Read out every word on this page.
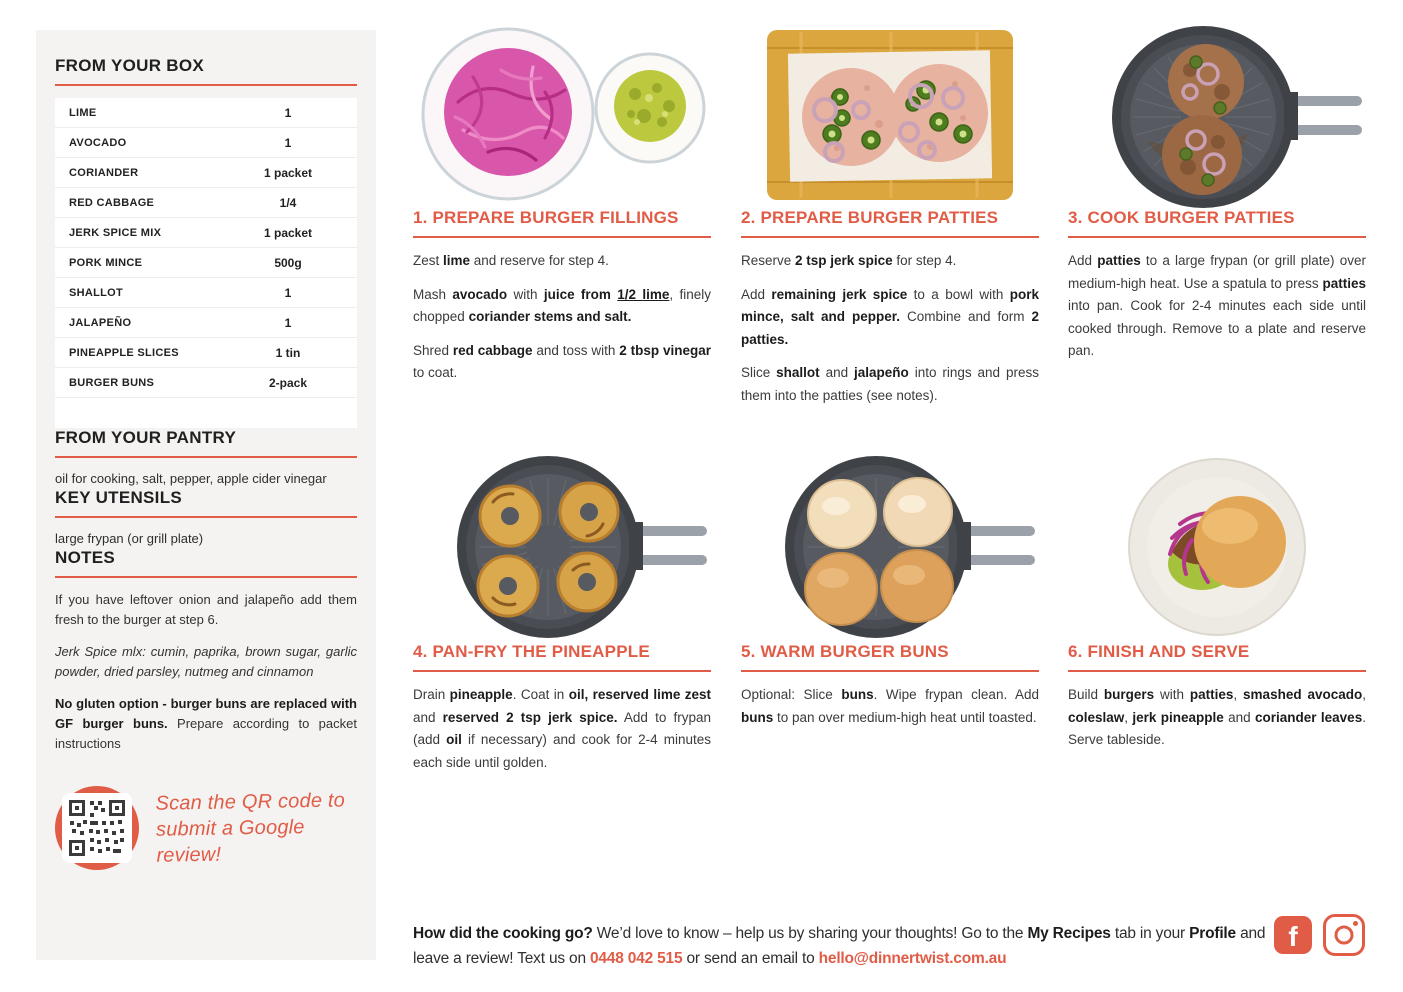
FROM YOUR BOX
LIME	1
AVOCADO	1
CORIANDER	1 packet
RED CABBAGE	1/4
JERK SPICE MIX	1 packet
PORK MINCE	500g
SHALLOT	1
JALAPEÑO	1
PINEAPPLE SLICES	1 tin
BURGER BUNS	2-pack
FROM YOUR PANTRY

oil for cooking, salt, pepper, apple cider vinegar

KEY UTENSILS

large frypan (or grill plate)

NOTES

If you have leftover onion and jalapeño add them fresh to the burger at step 6.

Jerk Spice mlx: cumin, paprika, brown sugar, garlic powder, dried parsley, nutmeg and cinnamon

No gluten option - burger buns are replaced with GF burger buns. Prepare according to packet instructions

Scan the QR code to
submit a Google review!
1. PREPARE BURGER FILLINGS

Zest lime and reserve for step 4.

Mash avocado with juice from 1/2 lime, finely chopped coriander stems and salt.

Shred red cabbage and toss with 2 tbsp vinegar to coat.

2. PREPARE BURGER PATTIES

Reserve 2 tsp jerk spice for step 4.

Add remaining jerk spice to a bowl with pork mince, salt and pepper. Combine and form 2 patties.

Slice shallot and jalapeño into rings and press them into the patties (see notes).

3. COOK BURGER PATTIES

Add patties to a large frypan (or grill plate) over medium-high heat. Use a spatula to press patties into pan. Cook for 2-4 minutes each side until cooked through. Remove to a plate and reserve pan.

4. PAN-FRY THE PINEAPPLE

Drain pineapple. Coat in oil, reserved lime zest and reserved 2 tsp jerk spice. Add to frypan (add oil if necessary) and cook for 2-4 minutes each side until golden.

5. WARM BURGER BUNS

Optional: Slice buns. Wipe frypan clean. Add buns to pan over medium-high heat until toasted.

6. FINISH AND SERVE

Build burgers with patties, smashed avocado, coleslaw, jerk pineapple and coriander leaves. Serve tableside.

How did the cooking go? We’d love to know – help us by sharing your thoughts! Go to the My Recipes tab in your Profile and leave a review! Text us on 0448 042 515 or send an email to hello@dinnertwist.com.au

f
